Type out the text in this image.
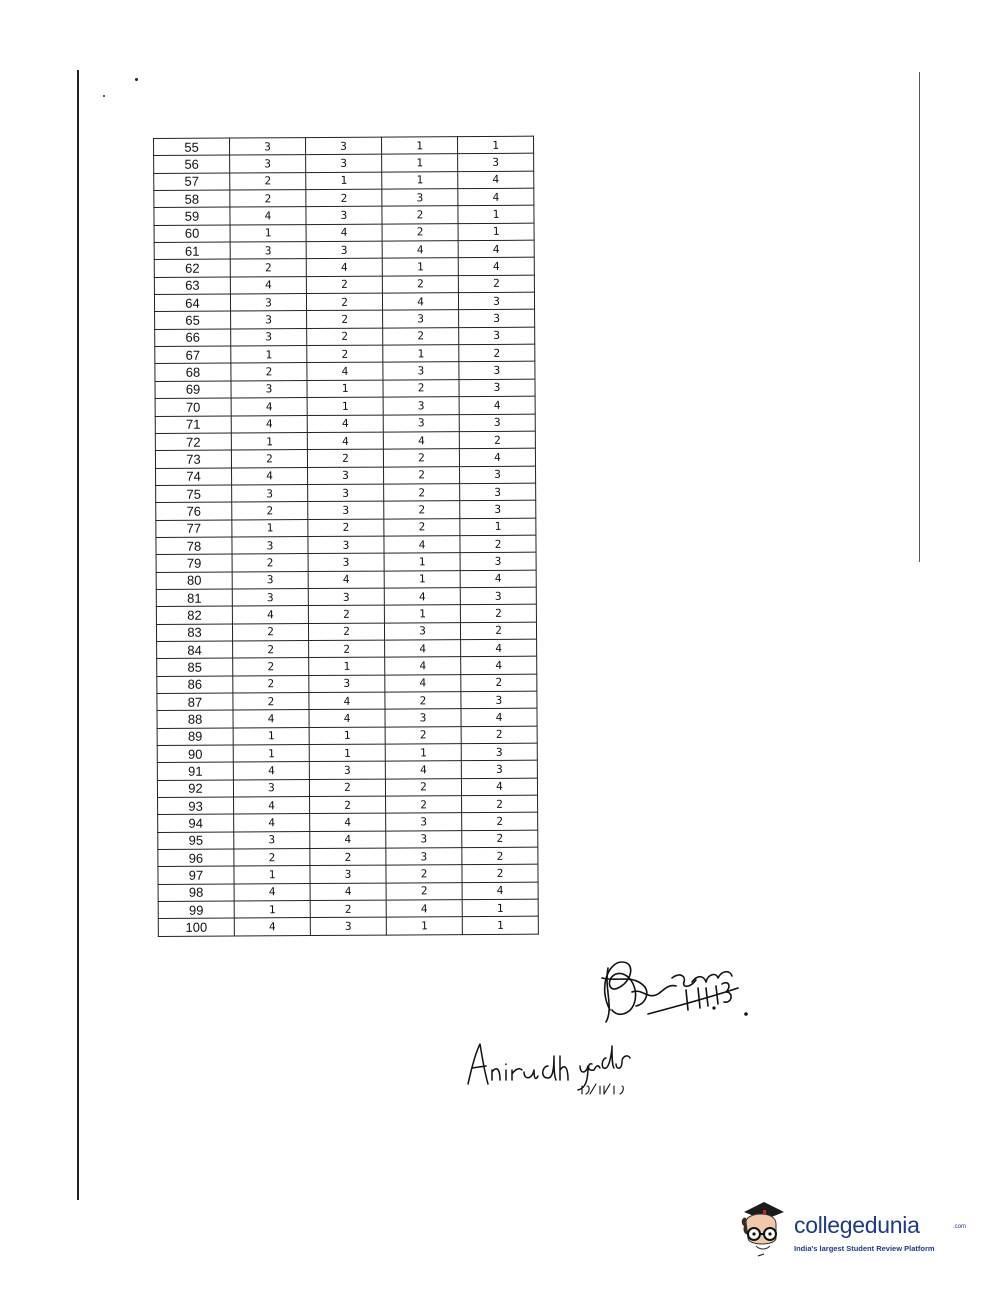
55	3	3	1	1
56	3	3	1	3
57	2	1	1	4
58	2	2	3	4
59	4	3	2	1
60	1	4	2	1
61	3	3	4	4
62	2	4	1	4
63	4	2	2	2
64	3	2	4	3
65	3	2	3	3
66	3	2	2	3
67	1	2	1	2
68	2	4	3	3
69	3	1	2	3
70	4	1	3	4
71	4	4	3	3
72	1	4	4	2
73	2	2	2	4
74	4	3	2	3
75	3	3	2	3
76	2	3	2	3
77	1	2	2	1
78	3	3	4	2
79	2	3	1	3
80	3	4	1	4
81	3	3	4	3
82	4	2	1	2
83	2	2	3	2
84	2	2	4	4
85	2	1	4	4
86	2	3	4	2
87	2	4	2	3
88	4	4	3	4
89	1	1	2	2
90	1	1	1	3
91	4	3	4	3
92	3	2	2	4
93	4	2	2	2
94	4	4	3	2
95	3	4	3	2
96	2	2	3	2
97	1	3	2	2
98	4	4	2	4
99	1	2	4	1
100	4	3	1	1
collegedunia	.com
India's largest Student Review Platform
